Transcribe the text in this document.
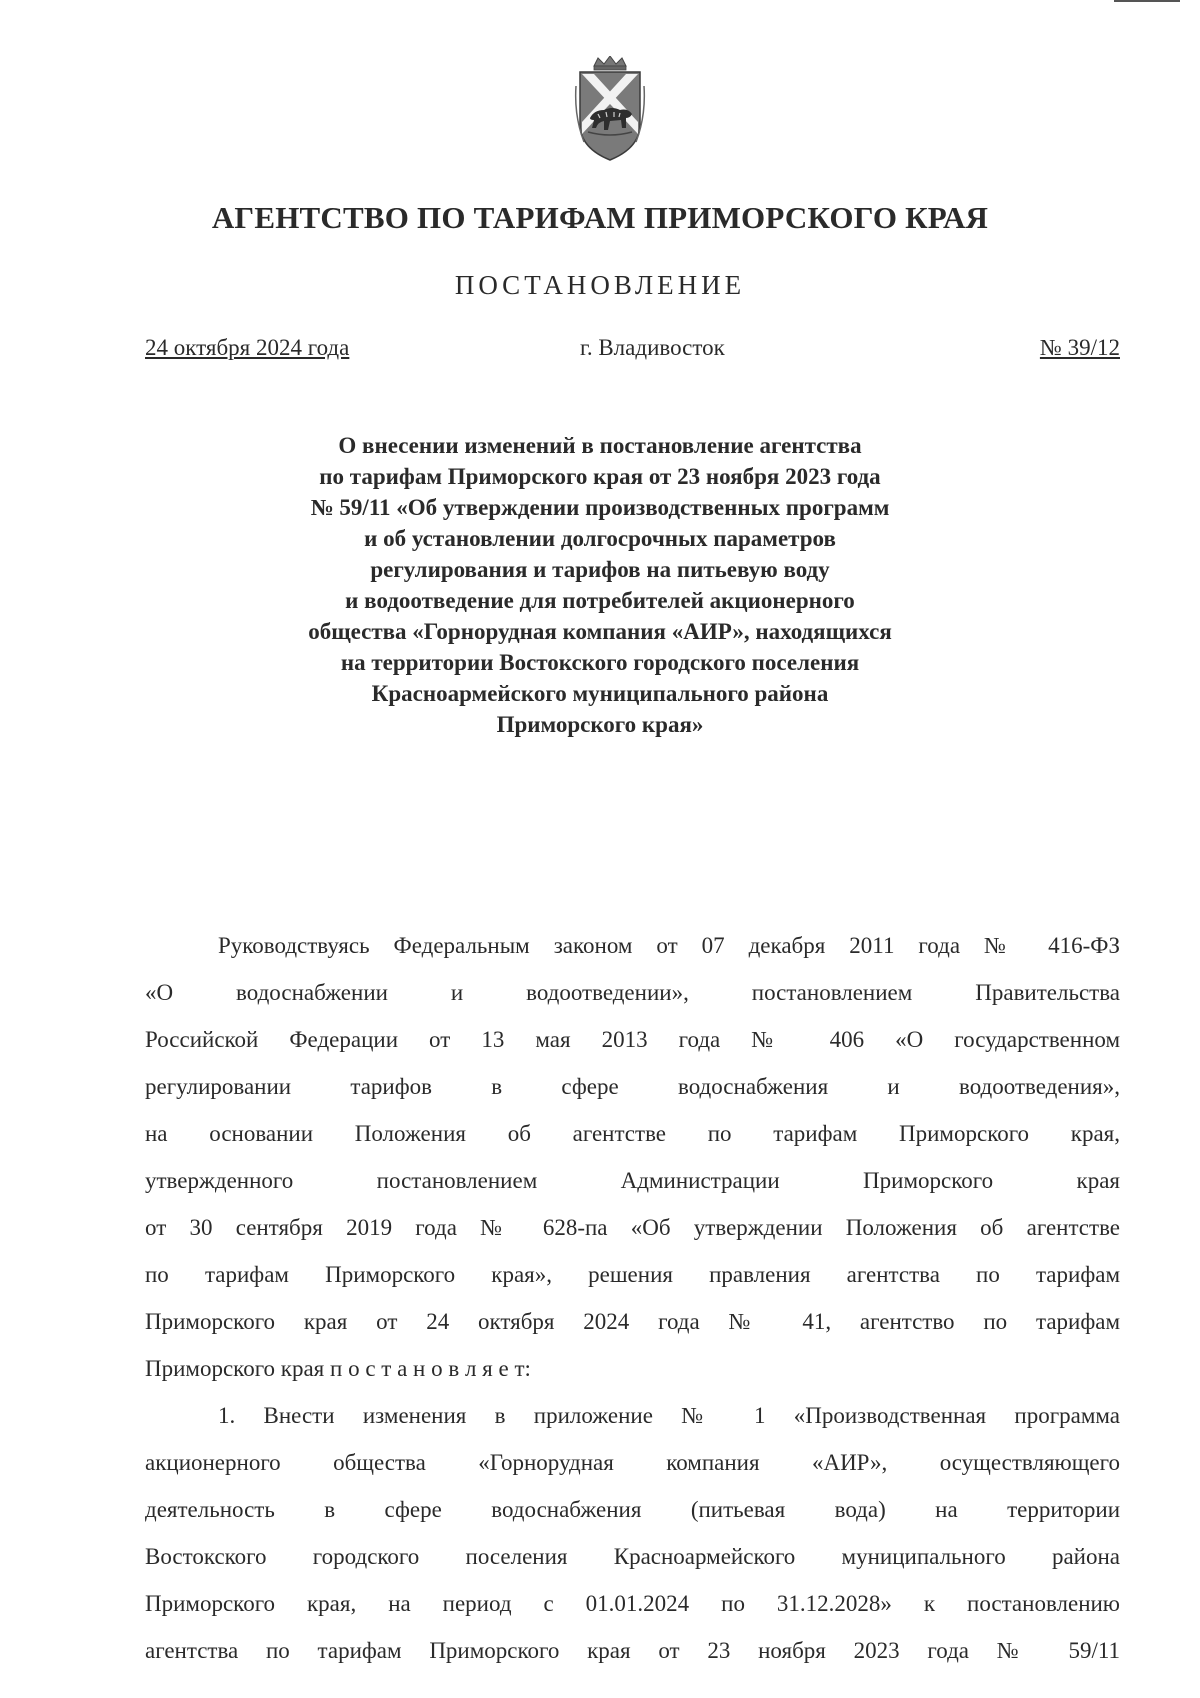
АГЕНТСТВО ПО ТАРИФАМ ПРИМОРСКОГО КРАЯ
ПОСТАНОВЛЕНИЕ
24 октября 2024 года	г. Владивосток	№ 39/12
О внесении изменений в постановление агентства
по тарифам Приморского края от 23 ноября 2023 года
№ 59/11 «Об утверждении производственных программ
и об установлении долгосрочных параметров
регулирования и тарифов на питьевую воду
и водоотведение для потребителей акционерного
общества «Горнорудная компания «АИР», находящихся
на территории Востокского городского поселения
Красноармейского муниципального района
Приморского края»
Руководствуясь Федеральным законом от 07 декабря 2011 года № 416-ФЗ
«О водоснабжении и водоотведении», постановлением Правительства
Российской Федерации от 13 мая 2013 года № 406 «О государственном
регулировании тарифов в сфере водоснабжения и водоотведения»,
на основании Положения об агентстве по тарифам Приморского края,
утвержденного постановлением Администрации Приморского края
от 30 сентября 2019 года № 628-па «Об утверждении Положения об агентстве
по тарифам Приморского края», решения правления агентства по тарифам
Приморского края от 24 октября 2024 года № 41, агентство по тарифам
Приморского края п о с т а н о в л я е т:
1. Внести изменения в приложение № 1 «Производственная программа
акционерного общества «Горнорудная компания «АИР», осуществляющего
деятельность в сфере водоснабжения (питьевая вода) на территории
Востокского городского поселения Красноармейского муниципального района
Приморского края, на период с 01.01.2024 по 31.12.2028» к постановлению
агентства по тарифам Приморского края от 23 ноября 2023 года № 59/11
